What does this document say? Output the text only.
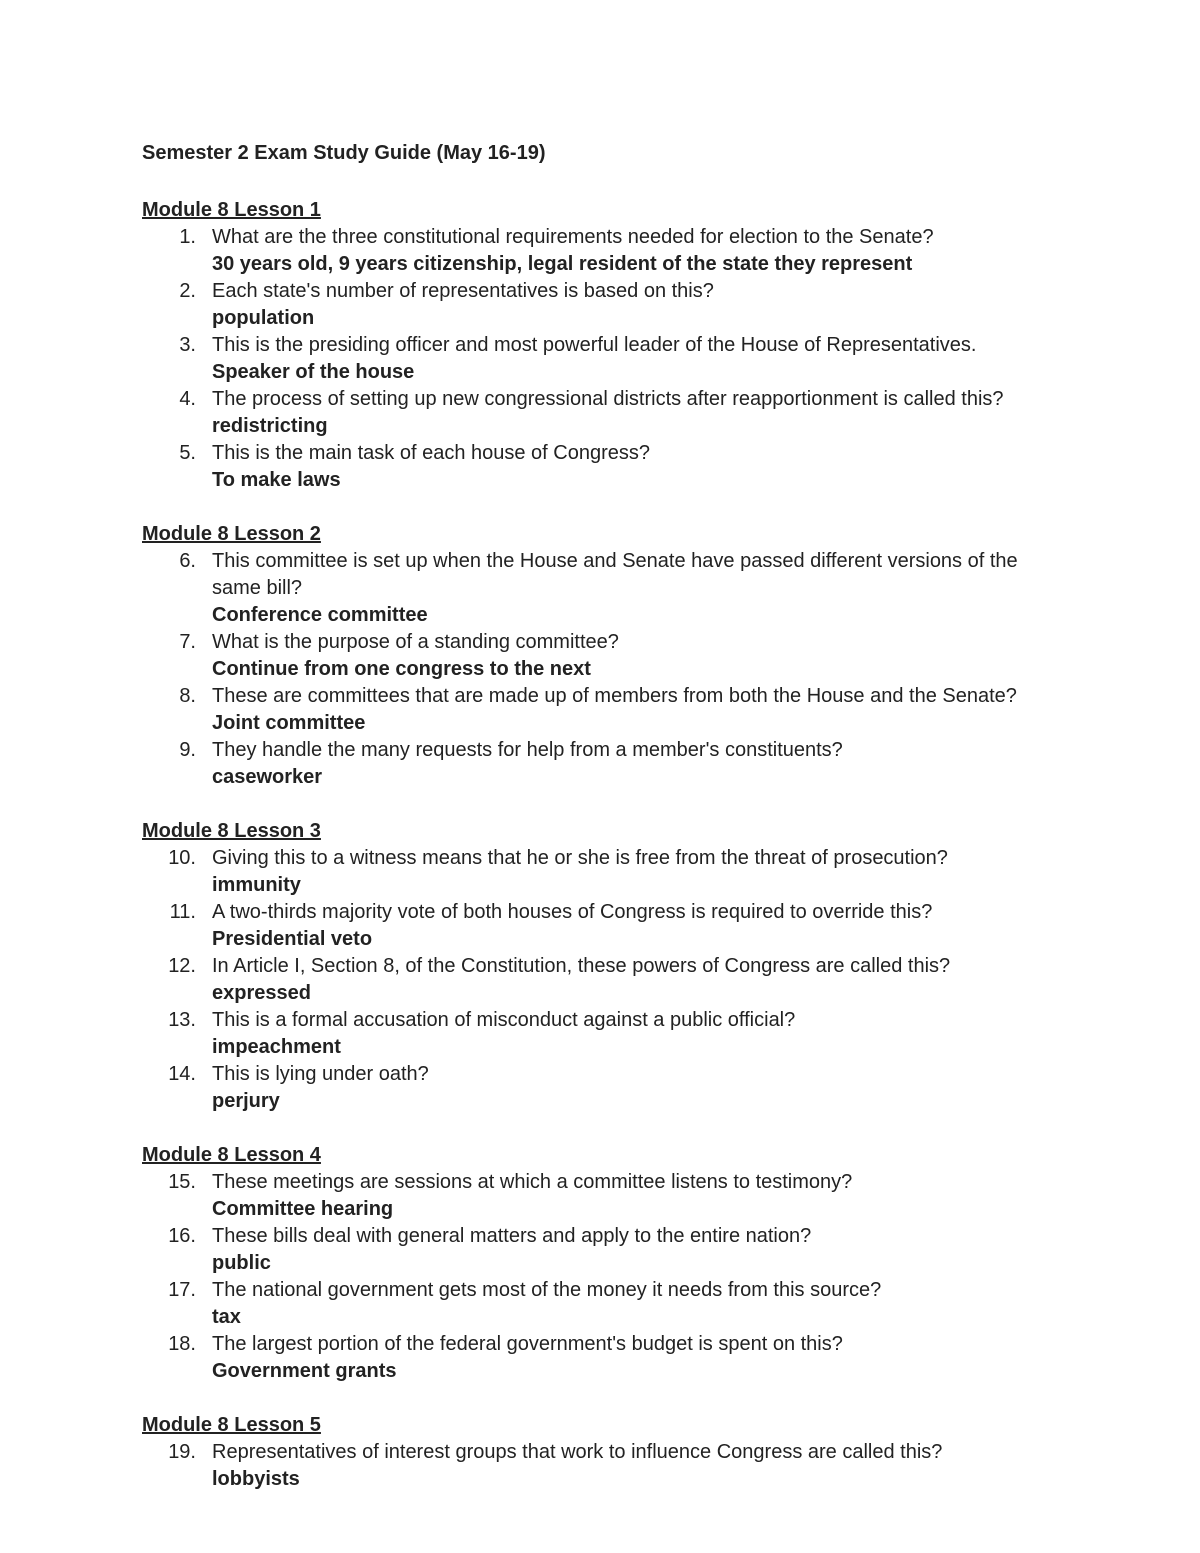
Semester 2 Exam Study Guide (May 16-19)
Module 8 Lesson 1
1. What are the three constitutional requirements needed for election to the Senate?
30 years old, 9 years citizenship, legal resident of the state they represent
2. Each state's number of representatives is based on this?
population
3. This is the presiding officer and most powerful leader of the House of Representatives.
Speaker of the house
4. The process of setting up new congressional districts after reapportionment is called this?
redistricting
5. This is the main task of each house of Congress?
To make laws
Module 8 Lesson 2
6. This committee is set up when the House and Senate have passed different versions of the same bill?
Conference committee
7. What is the purpose of a standing committee?
Continue from one congress to the next
8. These are committees that are made up of members from both the House and the Senate?
Joint committee
9. They handle the many requests for help from a member's constituents?
caseworker
Module 8 Lesson 3
10. Giving this to a witness means that he or she is free from the threat of prosecution?
immunity
11. A two-thirds majority vote of both houses of Congress is required to override this?
Presidential veto
12. In Article I, Section 8, of the Constitution, these powers of Congress are called this?
expressed
13. This is a formal accusation of misconduct against a public official?
impeachment
14. This is lying under oath?
perjury
Module 8 Lesson 4
15. These meetings are sessions at which a committee listens to testimony?
Committee hearing
16. These bills deal with general matters and apply to the entire nation?
public
17. The national government gets most of the money it needs from this source?
tax
18. The largest portion of the federal government's budget is spent on this?
Government grants
Module 8 Lesson 5
19. Representatives of interest groups that work to influence Congress are called this?
lobbyists
